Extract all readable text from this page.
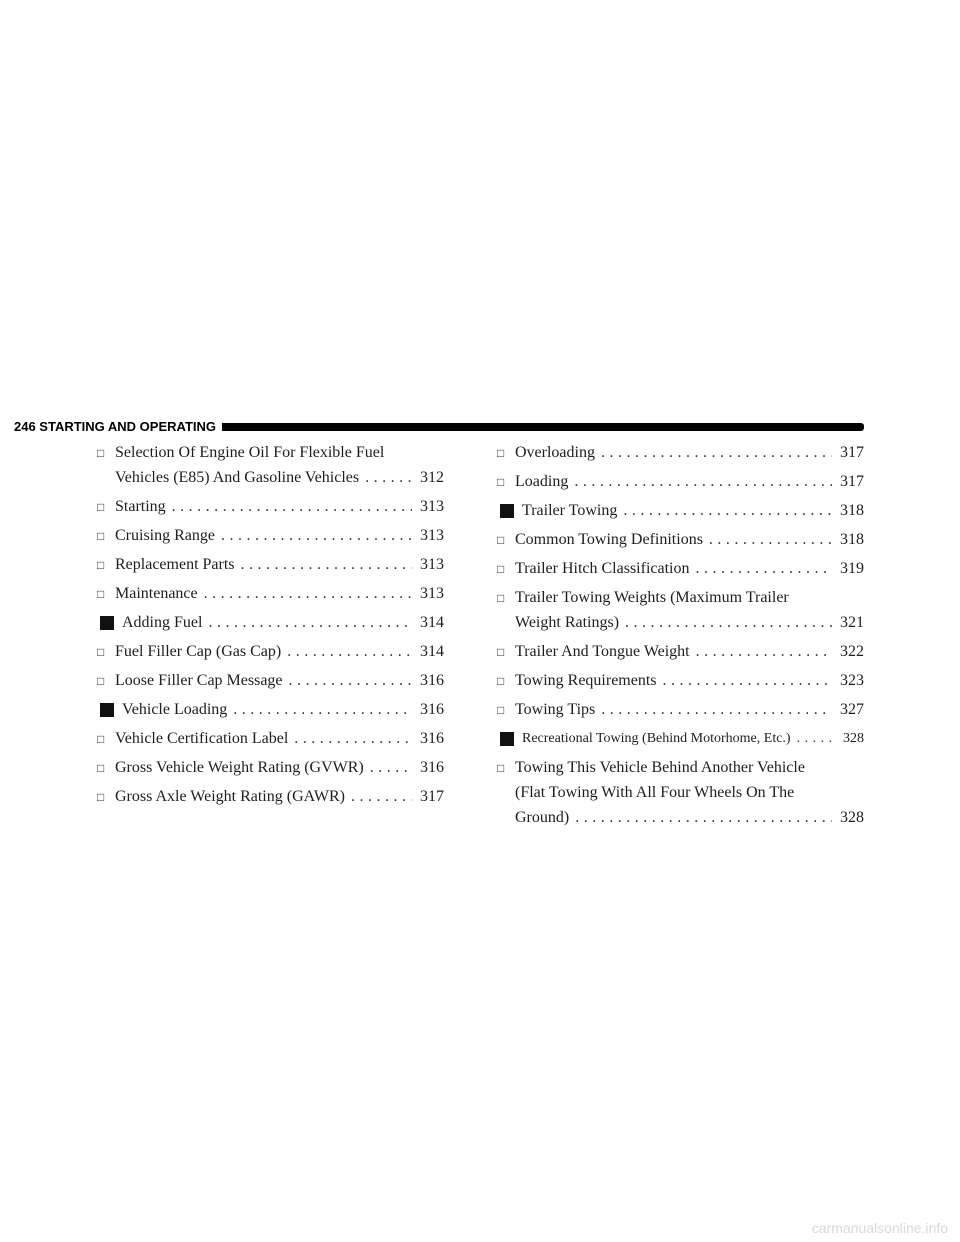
246 STARTING AND OPERATING
□ Selection Of Engine Oil For Flexible Fuel
Vehicles (E85) And Gasoline Vehicles .....	312
□ Starting .....	313
□ Cruising Range .....	313
□ Replacement Parts .....	313
□ Maintenance .....	313
Adding Fuel .....	314
□ Fuel Filler Cap (Gas Cap) .....	314
□ Loose Filler Cap Message .....	316
Vehicle Loading .....	316
□ Vehicle Certification Label .....	316
□ Gross Vehicle Weight Rating (GVWR) .....	316
□ Gross Axle Weight Rating (GAWR) .....	317
□ Overloading .....	317
□ Loading .....	317
Trailer Towing .....	318
□ Common Towing Definitions .....	318
□ Trailer Hitch Classification .....	319
□ Trailer Towing Weights (Maximum Trailer
Weight Ratings) .....	321
□ Trailer And Tongue Weight .....	322
□ Towing Requirements .....	323
□ Towing Tips .....	327
Recreational Towing (Behind Motorhome, Etc.) .....	328
□ Towing This Vehicle Behind Another Vehicle
(Flat Towing With All Four Wheels On The
Ground) .....	328
carmanualsonline.info
